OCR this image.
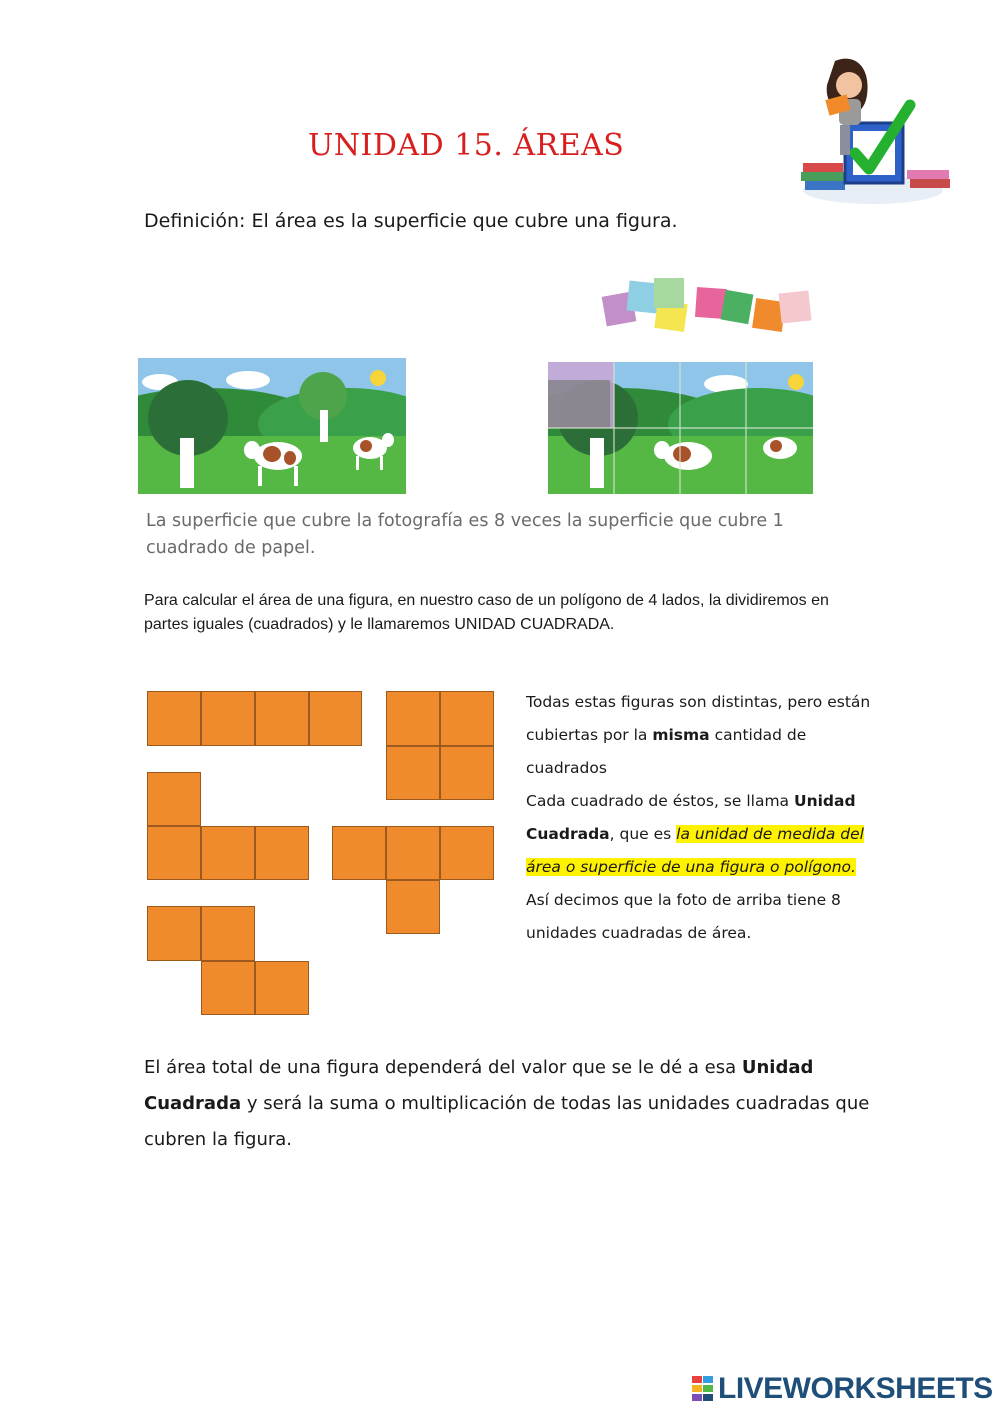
UNIDAD 15. ÁREAS
Definición: El área es la superficie que cubre una figura.
La superficie que cubre la fotografía es 8 veces la superficie que cubre 1 cuadrado de papel.
Para calcular el área de una figura, en nuestro caso de un polígono de 4 lados, la dividiremos en partes iguales (cuadrados) y le llamaremos UNIDAD CUADRADA.
Todas estas figuras son distintas, pero están cubiertas por la misma cantidad de cuadrados
Cada cuadrado de éstos, se llama Unidad Cuadrada, que es la unidad de medida del área o superficie de una figura o polígono.
Así decimos que la foto de arriba tiene 8 unidades cuadradas de área.
El área total de una figura dependerá del valor que se le dé a esa Unidad Cuadrada y será la suma o multiplicación de todas las unidades cuadradas que cubren la figura.
LIVEWORKSHEETS
